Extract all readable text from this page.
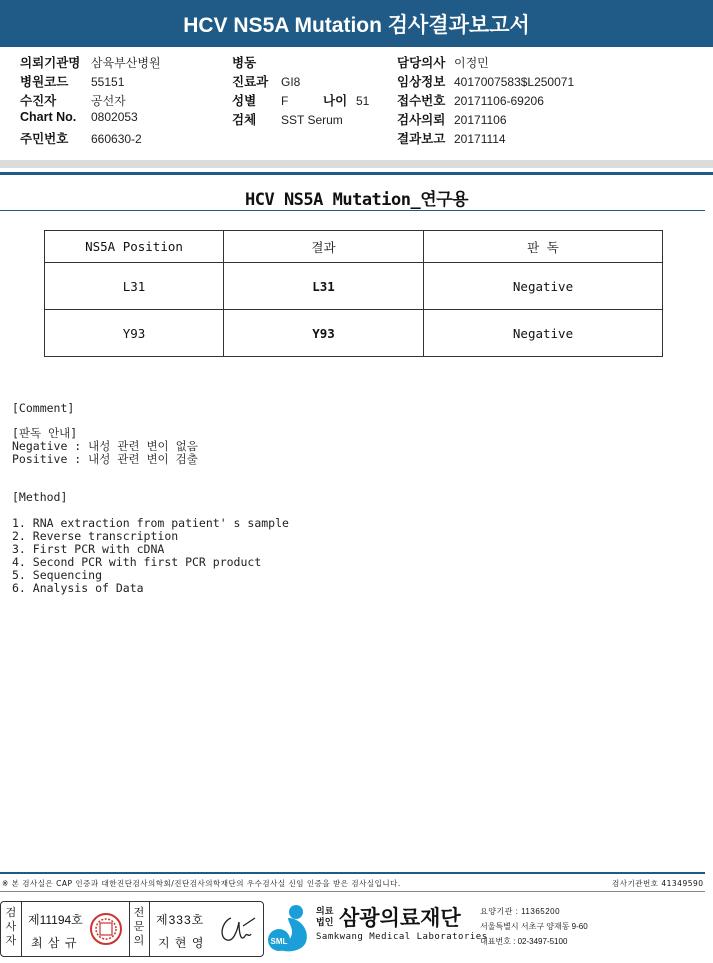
HCV NS5A Mutation 검사결과보고서
의뢰기관명 삼육부산병원
병원코드 55151
수진자	공선자
Chart No. 0802053
주민번호 660630-2
병동
진료과 GI8
성별 F	나이 51
검체 SST Serum
담당의사 이정민
임상정보 4017007583$L250071
접수번호 20171106-69206
검사의뢰 20171106
결과보고 20171114
HCV NS5A Mutation_연구용
NS5A Position	결과	판 독
L31	L31	Negative
Y93	Y93	Negative
[Comment]
[판독 안내]
Negative : 내성 관련 변이 없음
Positive : 내성 관련 변이 검출
[Method]
1. RNA extraction from patient' s sample
2. Reverse transcription
3. First PCR with cDNA
4. Second PCR with first PCR product
5. Sequencing
6. Analysis of Data
※ 본 검사실은 CAP 인증과 대한진단검사의학회/진단검사의학재단의 우수검사실 신임 인증을 받은 검사실입니다.	검사기관번호 41349590
검
사
자
제11194호
최 삼 규
전
문
의
제333호
지 현 영	SML
의료
법인 삼광의료재단
Samkwang Medical Laboratories
요양기관 : 11365200
서울특별시 서초구 양재동 9-60
대표번호 : 02-3497-5100
